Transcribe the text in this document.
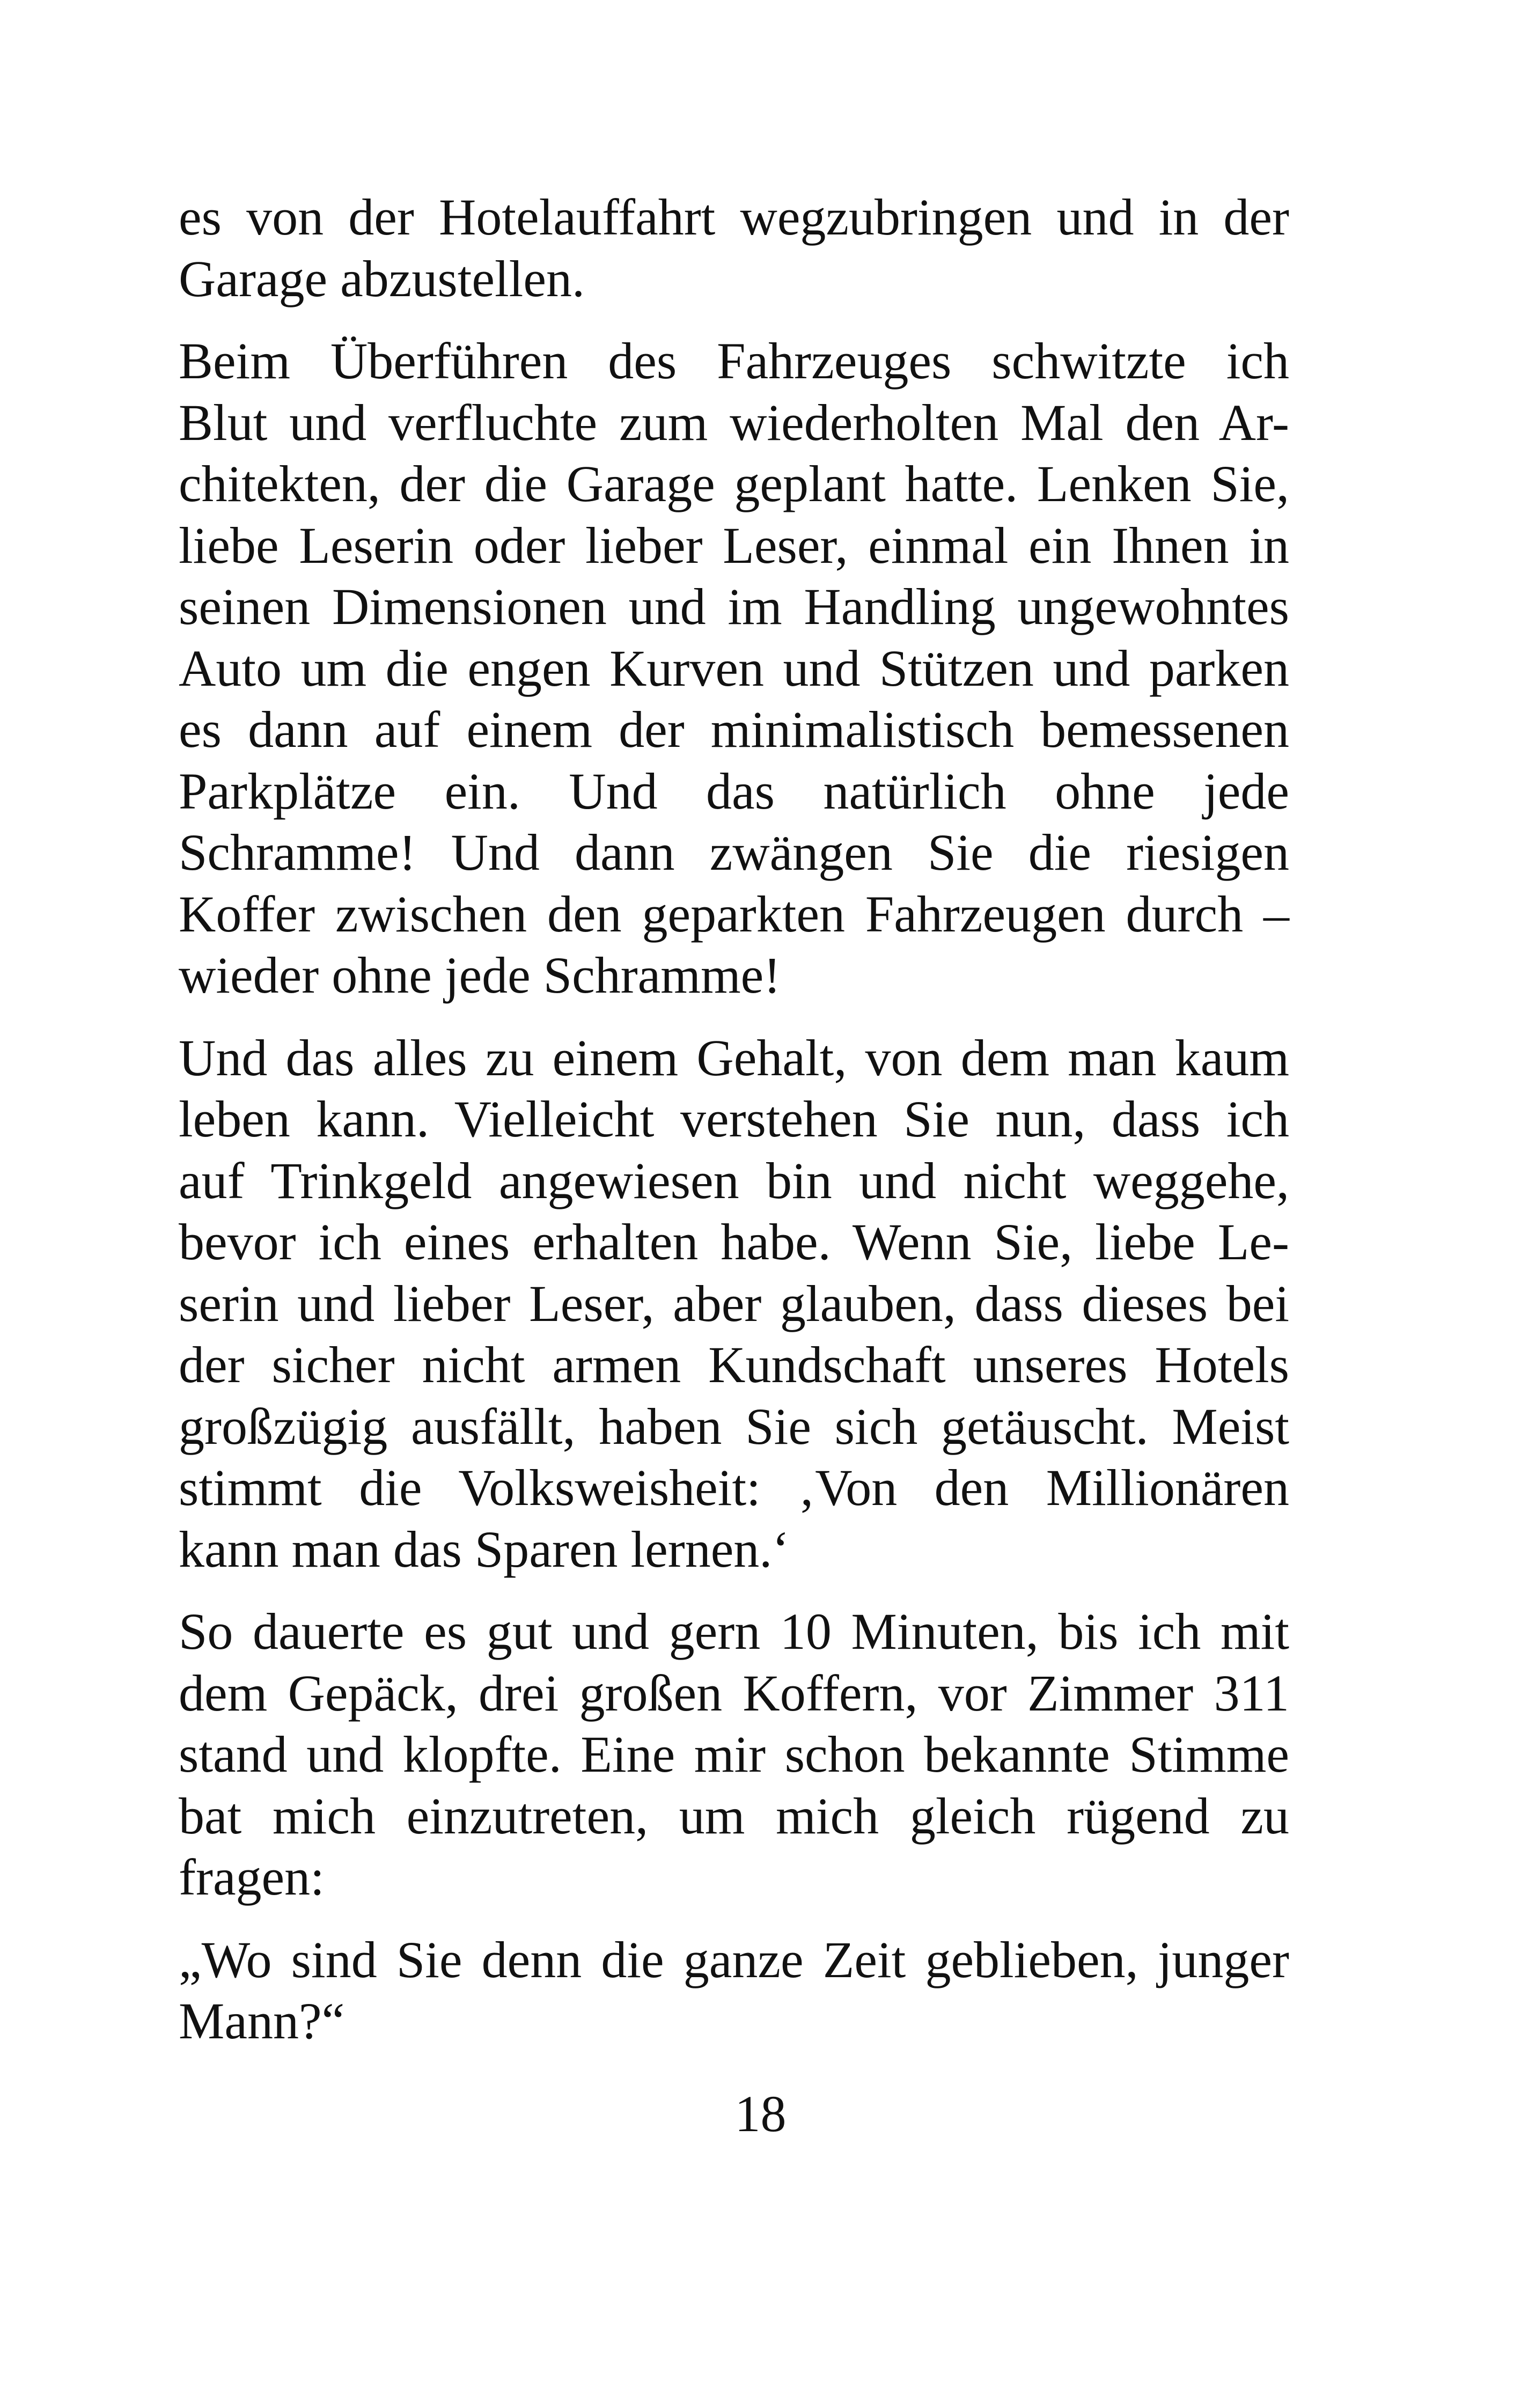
es von der Hotelauffahrt wegzubringen und in der
Garage abzustellen.

Beim Überführen des Fahrzeuges schwitzte ich
Blut und verfluchte zum wiederholten Mal den Ar-
chitekten, der die Garage geplant hatte. Lenken Sie,
liebe Leserin oder lieber Leser, einmal ein Ihnen in
seinen Dimensionen und im Handling ungewohntes
Auto um die engen Kurven und Stützen und parken
es dann auf einem der minimalistisch bemessenen
Parkplätze ein. Und das natürlich ohne jede
Schramme! Und dann zwängen Sie die riesigen
Koffer zwischen den geparkten Fahrzeugen durch –
wieder ohne jede Schramme!

Und das alles zu einem Gehalt, von dem man kaum
leben kann. Vielleicht verstehen Sie nun, dass ich
auf Trinkgeld angewiesen bin und nicht weggehe,
bevor ich eines erhalten habe. Wenn Sie, liebe Le-
serin und lieber Leser, aber glauben, dass dieses bei
der sicher nicht armen Kundschaft unseres Hotels
großzügig ausfällt, haben Sie sich getäuscht. Meist
stimmt die Volksweisheit: ‚Von den Millionären
kann man das Sparen lernen.‘

So dauerte es gut und gern 10 Minuten, bis ich mit
dem Gepäck, drei großen Koffern, vor Zimmer 311
stand und klopfte. Eine mir schon bekannte Stimme
bat mich einzutreten, um mich gleich rügend zu
fragen:

„Wo sind Sie denn die ganze Zeit geblieben, junger
Mann?“

18
